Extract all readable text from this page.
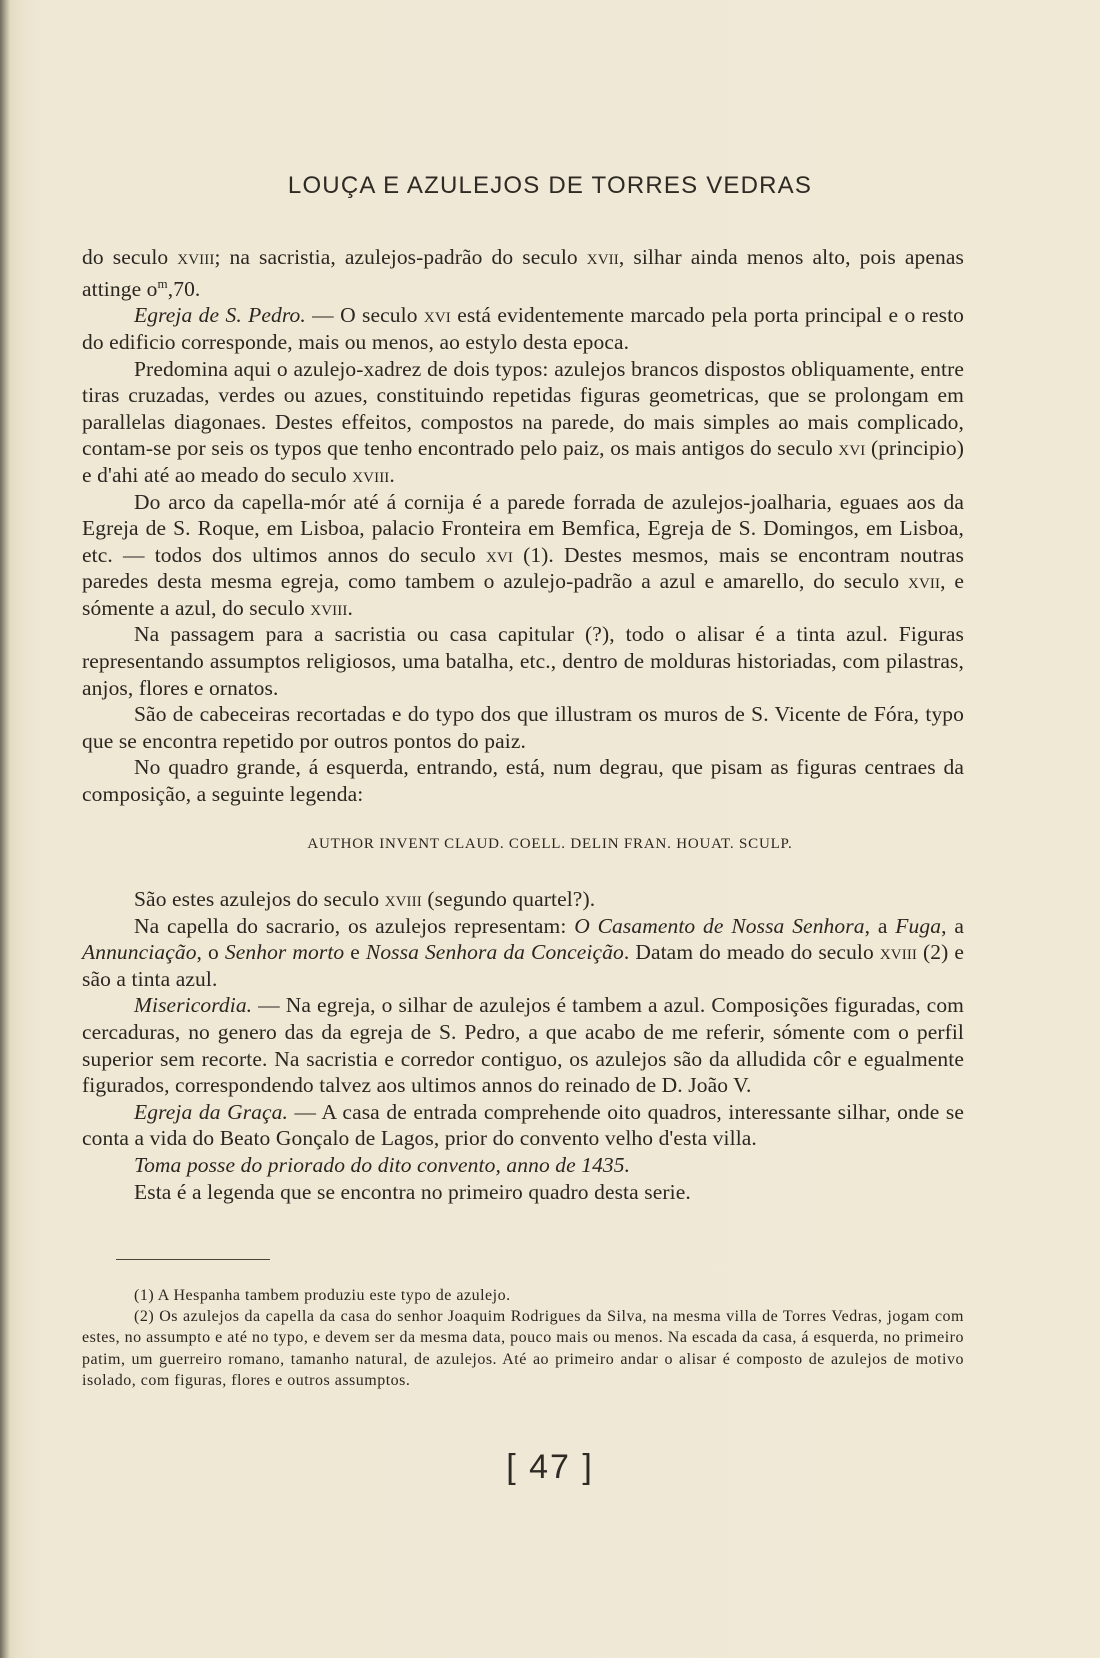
LOUÇA E AZULEJOS DE TORRES VEDRAS

do seculo xviii; na sacristia, azulejos-padrão do seculo xvii, silhar ainda menos alto, pois apenas attinge $o^m,70$.

Egreja de S. Pedro. — O seculo xvi está evidentemente marcado pela porta principal e o resto do edificio corresponde, mais ou menos, ao estylo desta epoca.

Predomina aqui o azulejo-xadrez de dois typos: azulejos brancos dispostos obliquamente, entre tiras cruzadas, verdes ou azues, constituindo repetidas figuras geometricas, que se prolongam em parallelas diagonaes. Destes effeitos, compostos na parede, do mais simples ao mais complicado, contam-se por seis os typos que tenho encontrado pelo paiz, os mais antigos do seculo xvi (principio) e d'ahi até ao meado do seculo xviii.

Do arco da capella-mór até á cornija é a parede forrada de azulejos-joalharia, eguaes aos da Egreja de S. Roque, em Lisboa, palacio Fronteira em Bemfica, Egreja de S. Domingos, em Lisboa, etc. — todos dos ultimos annos do seculo xvi (1). Destes mesmos, mais se encontram noutras paredes desta mesma egreja, como tambem o azulejo-padrão a azul e amarello, do seculo xvii, e sómente a azul, do seculo xviii.

Na passagem para a sacristia ou casa capitular (?), todo o alisar é a tinta azul. Figuras representando assumptos religiosos, uma batalha, etc., dentro de molduras historiadas, com pilastras, anjos, flores e ornatos.

São de cabeceiras recortadas e do typo dos que illustram os muros de S. Vicente de Fóra, typo que se encontra repetido por outros pontos do paiz.

No quadro grande, á esquerda, entrando, está, num degrau, que pisam as figuras centraes da composição, a seguinte legenda:

AUTHOR INVENT CLAUD. COELL. DELIN FRAN. HOUAT. SCULP.

São estes azulejos do seculo xviii (segundo quartel?).

Na capella do sacrario, os azulejos representam: O Casamento de Nossa Senhora, a Fuga, a Annunciação, o Senhor morto e Nossa Senhora da Conceição. Datam do meado do seculo xviii (2) e são a tinta azul.

Misericordia. — Na egreja, o silhar de azulejos é tambem a azul. Composições figuradas, com cercaduras, no genero das da egreja de S. Pedro, a que acabo de me referir, sómente com o perfil superior sem recorte. Na sacristia e corredor contiguo, os azulejos são da alludida côr e egualmente figurados, correspondendo talvez aos ultimos annos do reinado de D. João V.

Egreja da Graça. — A casa de entrada comprehende oito quadros, interessante silhar, onde se conta a vida do Beato Gonçalo de Lagos, prior do convento velho d'esta villa.

Toma posse do priorado do dito convento, anno de 1435.

Esta é a legenda que se encontra no primeiro quadro desta serie.

(1) A Hespanha tambem produziu este typo de azulejo.

(2) Os azulejos da capella da casa do senhor Joaquim Rodrigues da Silva, na mesma villa de Torres Vedras, jogam com estes, no assumpto e até no typo, e devem ser da mesma data, pouco mais ou menos. Na escada da casa, á esquerda, no primeiro patim, um guerreiro romano, tamanho natural, de azulejos. Até ao primeiro andar o alisar é composto de azulejos de motivo isolado, com figuras, flores e outros assumptos.

[ 47 ]
